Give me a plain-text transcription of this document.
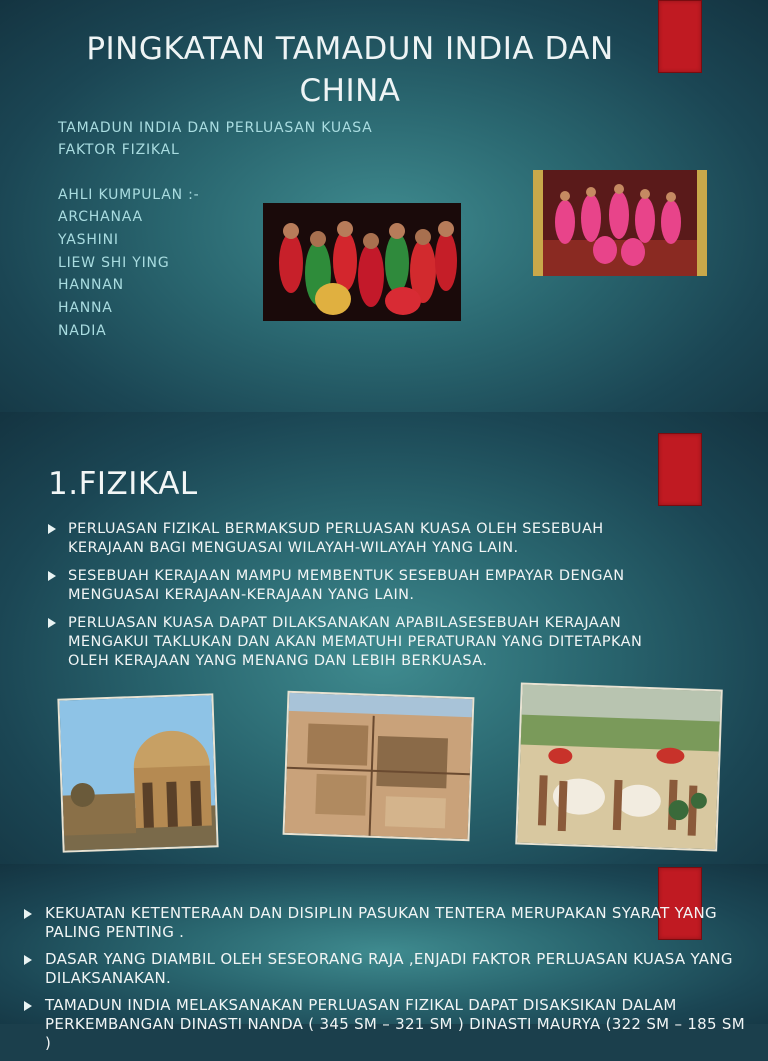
PINGKATAN TAMADUN INDIA DAN CHINA
TAMADUN INDIA DAN PERLUASAN KUASA
FAKTOR FIZIKAL
AHLI KUMPULAN :-
ARCHANAA
YASHINI
LIEW SHI YING
HANNAN
HANNA
NADIA
1.FIZIKAL
PERLUASAN FIZIKAL BERMAKSUD PERLUASAN KUASA OLEH SESEBUAH KERAJAAN BAGI MENGUASAI WILAYAH-WILAYAH YANG LAIN.
SESEBUAH KERAJAAN MAMPU MEMBENTUK SESEBUAH EMPAYAR DENGAN MENGUASAI KERAJAAN-KERAJAAN YANG LAIN.
PERLUASAN KUASA DAPAT DILAKSANAKAN APABILASESEBUAH KERAJAAN MENGAKUI TAKLUKAN DAN AKAN MEMATUHI PERATURAN YANG DITETAPKAN OLEH KERAJAAN YANG MENANG DAN LEBIH BERKUASA.
KEKUATAN KETENTERAAN DAN DISIPLIN PASUKAN TENTERA MERUPAKAN SYARAT YANG PALING PENTING .
DASAR YANG DIAMBIL OLEH SESEORANG RAJA ,ENJADI FAKTOR PERLUASAN KUASA YANG DILAKSANAKAN.
TAMADUN INDIA MELAKSANAKAN PERLUASAN FIZIKAL DAPAT DISAKSIKAN DALAM PERKEMBANGAN DINASTI NANDA ( 345 SM – 321 SM ) DINASTI MAURYA (322 SM – 185 SM )
